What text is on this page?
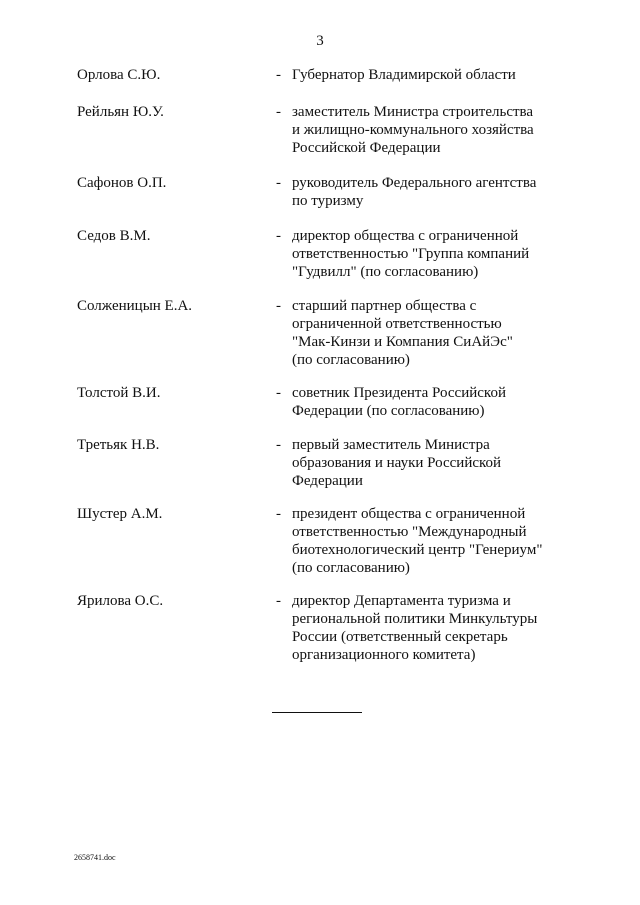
3
Орлова С.Ю.	- Губернатор Владимирской области
Рейльян Ю.У.	- заместитель Министра строительства
и жилищно-коммунального хозяйства
Российской Федерации
Сафонов О.П.	- руководитель Федерального агентства
по туризму
Седов В.М.	- директор общества с ограниченной
ответственностью "Группа компаний
"Гудвилл" (по согласованию)
Солженицын Е.А.	- старший партнер общества с
ограниченной ответственностью
"Мак-Кинзи и Компания СиАйЭс"
(по согласованию)
Толстой В.И.	- советник Президента Российской
Федерации (по согласованию)
Третьяк Н.В.	- первый заместитель Министра
образования и науки Российской
Федерации
Шустер А.М.	- президент общества с ограниченной
ответственностью "Международный
биотехнологический центр "Генериум"
(по согласованию)
Ярилова О.С.	- директор Департамента туризма и
региональной политики Минкультуры
России (ответственный секретарь
организационного комитета)
2658741.doc
